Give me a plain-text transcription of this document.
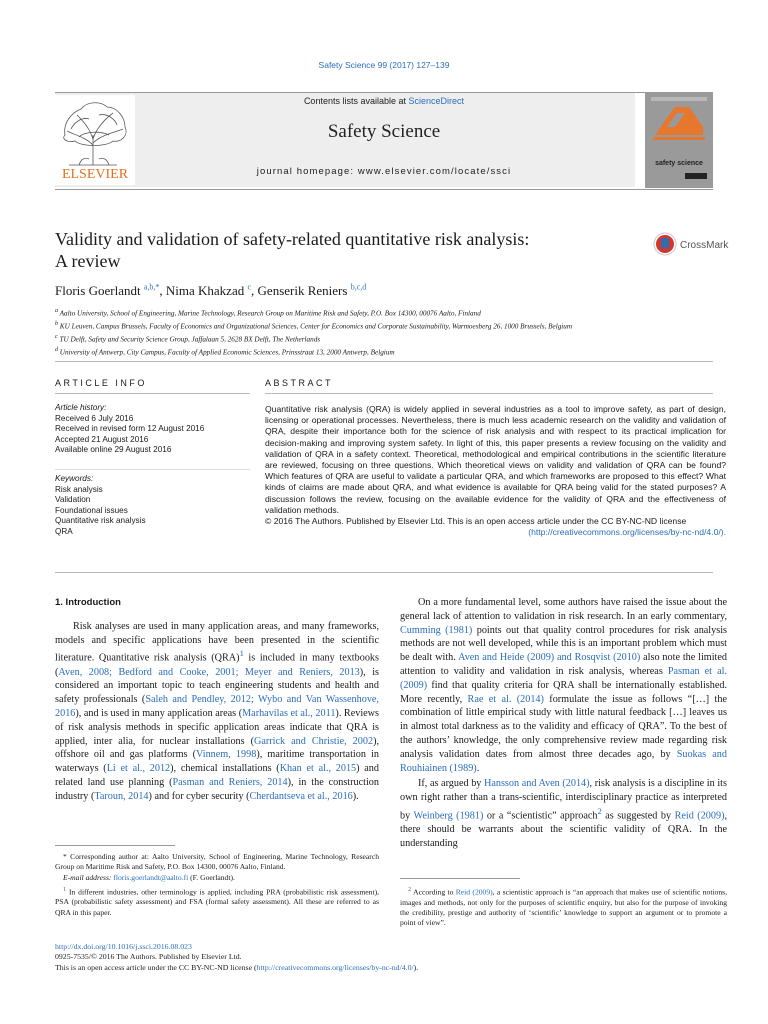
Safety Science 99 (2017) 127–139
ELSEVIER
Contents lists available at ScienceDirect
Safety Science
journal homepage: www.elsevier.com/locate/ssci
safety science
Validity and validation of safety-related quantitative risk analysis:
A review
CrossMark
Floris Goerlandt $^{a,b,*}$, Nima Khakzad $^c$, Genserik Reniers $^{b,c,d}$
$^a$ Aalto University, School of Engineering, Marine Technology, Research Group on Maritime Risk and Safety, P.O. Box 14300, 00076 Aalto, Finland
$^b$ KU Leuven, Campus Brussels, Faculty of Economics and Organizational Sciences, Center for Economics and Corporate Sustainability, Warmoesberg 26, 1000 Brussels, Belgium
$^c$ TU Delft, Safety and Security Science Group, Jaffalaan 5, 2628 BX Delft, The Netherlands
$^d$ University of Antwerp, City Campus, Faculty of Applied Economic Sciences, Prinsstraat 13, 2000 Antwerp, Belgium
ARTICLE INFO	ABSTRACT
Article history:
Received 6 July 2016
Received in revised form 12 August 2016
Accepted 21 August 2016
Available online 29 August 2016
Keywords:
Risk analysis
Validation
Foundational issues
Quantitative risk analysis
QRA
Quantitative risk analysis (QRA) is widely applied in several industries as a tool to improve safety, as part of design, licensing or operational processes. Nevertheless, there is much less academic research on the validity and validation of QRA, despite their importance both for the science of risk analysis and with respect to its practical implication for decision-making and improving system safety. In light of this, this paper presents a review focusing on the validity and validation of QRA in a safety context. Theoretical, methodological and empirical contributions in the scientific literature are reviewed, focusing on three questions. Which theoretical views on validity and validation of QRA can be found? Which features of QRA are useful to validate a particular QRA, and which frameworks are proposed to this effect? What kinds of claims are made about QRA, and what evidence is available for QRA being valid for the stated purposes? A discussion follows the review, focusing on the available evidence for the validity of QRA and the effectiveness of validation methods.
© 2016 The Authors. Published by Elsevier Ltd. This is an open access article under the CC BY-NC-ND license
(http://creativecommons.org/licenses/by-nc-nd/4.0/).
1. Introduction

Risk analyses are used in many application areas, and many frameworks, models and specific applications have been presented in the scientific literature. Quantitative risk analysis (QRA)$^1$ is included in many textbooks (Aven, 2008; Bedford and Cooke, 2001; Meyer and Reniers, 2013), is considered an important topic to teach engineering students and health and safety professionals (Saleh and Pendley, 2012; Wybo and Van Wassenhove, 2016), and is used in many application areas (Marhavilas et al., 2011). Reviews of risk analysis methods in specific application areas indicate that QRA is applied, inter alia, for nuclear installations (Garrick and Christie, 2002), offshore oil and gas platforms (Vinnem, 1998), maritime transportation in waterways (Li et al., 2012), chemical installations (Khan et al., 2015) and related land use planning (Pasman and Reniers, 2014), in the construction industry (Taroun, 2014) and for cyber security (Cherdantseva et al., 2016).

On a more fundamental level, some authors have raised the issue about the general lack of attention to validation in risk research. In an early commentary, Cumming (1981) points out that quality control procedures for risk analysis methods are not well developed, while this is an important problem which must be dealt with. Aven and Heide (2009) and Rosqvist (2010) also note the limited attention to validity and validation in risk analysis, whereas Pasman et al. (2009) find that quality criteria for QRA shall be internationally established. More recently, Rae et al. (2014) formulate the issue as follows “[…] the combination of little empirical study with little natural feedback […] leaves us in almost total darkness as to the validity and efficacy of QRA”. To the best of the authors’ knowledge, the only comprehensive review made regarding risk analysis validation dates from almost three decades ago, by Suokas and Rouhiainen (1989).

If, as argued by Hansson and Aven (2014), risk analysis is a discipline in its own right rather than a trans-scientific, interdisciplinary practice as interpreted by Weinberg (1981) or a “scientistic” approach$^2$ as suggested by Reid (2009), there should be warrants about the scientific validity of QRA. In the understanding

* Corresponding author at: Aalto University, School of Engineering, Marine Technology, Research Group on Maritime Risk and Safety, P.O. Box 14300, 00076 Aalto, Finland.

E-mail address: floris.goerlandt@aalto.fi (F. Goerlandt).

$^1$ In different industries, other terminology is applied, including PRA (probabilistic risk assessment), PSA (probabilistic safety assessment) and FSA (formal safety assessment). All these are referred to as QRA in this paper.

$^2$ According to Reid (2009), a scientistic approach is “an approach that makes use of scientific notions, images and methods, not only for the purposes of scientific enquiry, but also for the purpose of invoking the credibility, prestige and authority of ‘scientific’ knowledge to support an argument or to promote a point of view”.

http://dx.doi.org/10.1016/j.ssci.2016.08.023
0925-7535/© 2016 The Authors. Published by Elsevier Ltd.
This is an open access article under the CC BY-NC-ND license (http://creativecommons.org/licenses/by-nc-nd/4.0/).
